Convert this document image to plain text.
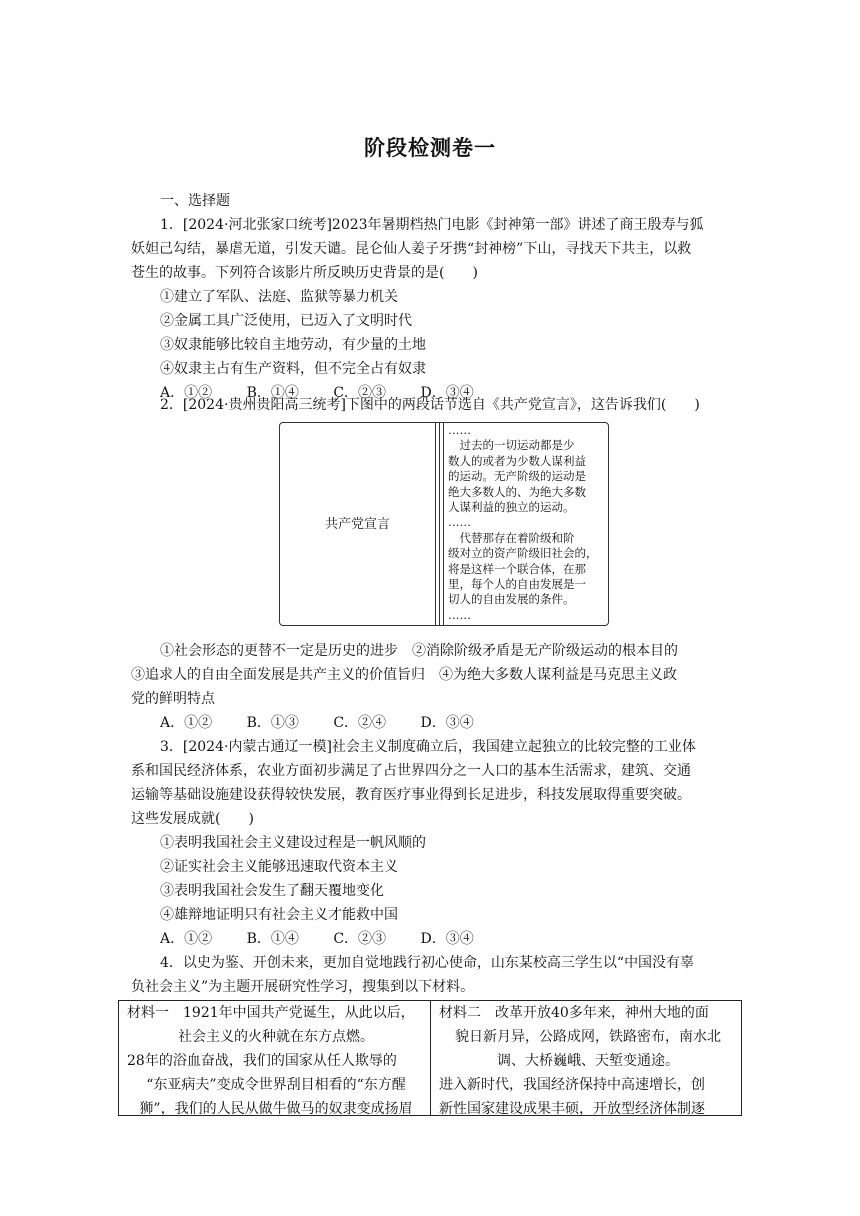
阶段检测卷一
一、选择题
1．[2024·河北张家口统考]2023年暑期档热门电影《封神第一部》讲述了商王殷寿与狐
妖妲己勾结，暴虐无道，引发天谴。昆仑仙人姜子牙携“封神榜”下山，寻找天下共主，以救
苍生的故事。下列符合该影片所反映历史背景的是(　　)
①建立了军队、法庭、监狱等暴力机关
②金属工具广泛使用，已迈入了文明时代
③奴隶能够比较自主地劳动，有少量的土地
④奴隶主占有生产资料，但不完全占有奴隶
A．①② B．①④ C．②③ D．③④
2．[2024·贵州贵阳高三统考]下图中的两段话节选自《共产党宣言》，这告诉我们(　　)
共产党宣言

……

　过去的一切运动都是少

数人的或者为少数人谋利益

的运动。无产阶级的运动是

绝大多数人的、为绝大多数

人谋利益的独立的运动。

……

　代替那存在着阶级和阶

级对立的资产阶级旧社会的，

将是这样一个联合体，在那

里，每个人的自由发展是一

切人的自由发展的条件。

……

①社会形态的更替不一定是历史的进步　②消除阶级矛盾是无产阶级运动的根本目的
③追求人的自由全面发展是共产主义的价值旨归　④为绝大多数人谋利益是马克思主义政
党的鲜明特点
A．①② B．①③ C．②④ D．③④
3．[2024·内蒙古通辽一模]社会主义制度确立后，我国建立起独立的比较完整的工业体
系和国民经济体系，农业方面初步满足了占世界四分之一人口的基本生活需求，建筑、交通
运输等基础设施建设获得较快发展，教育医疗事业得到长足进步，科技发展取得重要突破。
这些发展成就(　　)
①表明我国社会主义建设过程是一帆风顺的
②证实社会主义能够迅速取代资本主义
③表明我国社会发生了翻天覆地变化
④雄辩地证明只有社会主义才能救中国
A．①② B．①④ C．②③ D．③④
4．以史为鉴、开创未来，更加自觉地践行初心使命，山东某校高三学生以“中国没有辜
负社会主义”为主题开展研究性学习，搜集到以下材料。

材料一　1921年中国共产党诞生，从此以后，

社会主义的火种就在东方点燃。

28年的浴血奋战，我们的国家从任人欺辱的

“东亚病夫”变成令世界刮目相看的“东方醒

狮”，我们的人民从做牛做马的奴隶变成扬眉

材料二　改革开放40多年来，神州大地的面

貌日新月异，公路成网，铁路密布，南水北

调、大桥巍峨、天堑变通途。

进入新时代，我国经济保持中高速增长，创

新性国家建设成果丰硕，开放型经济体制逐
